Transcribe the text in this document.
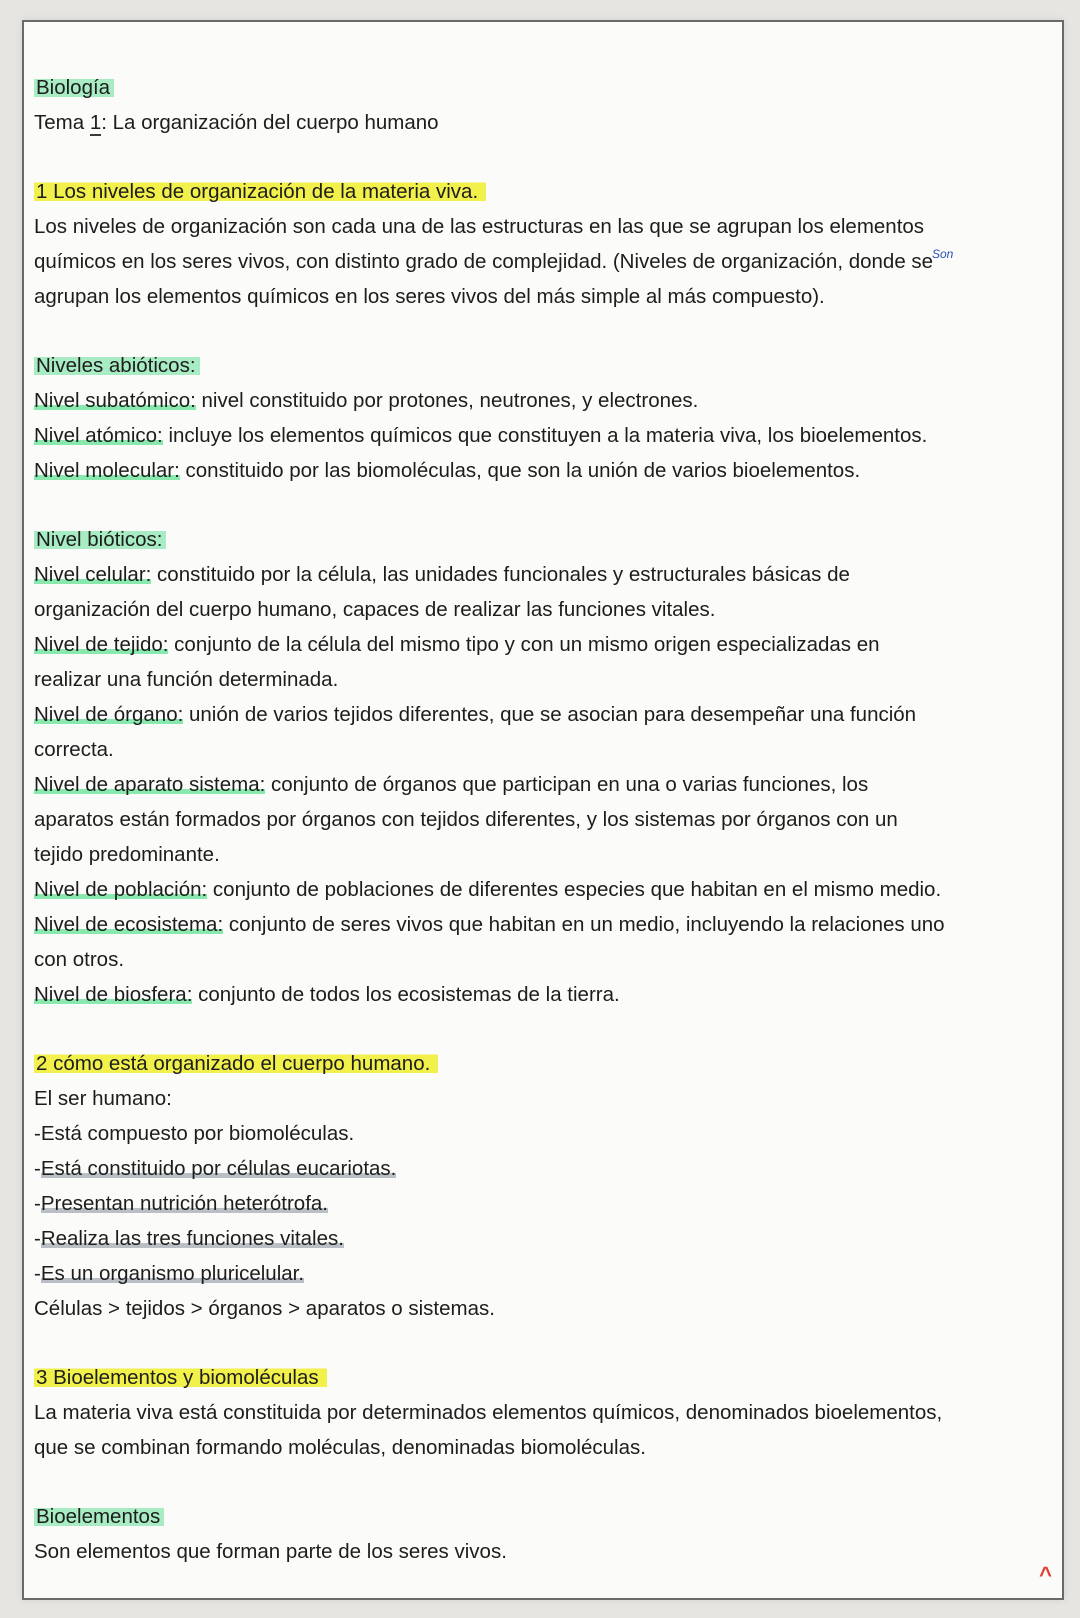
Son
Biología
Tema 1: La organización del cuerpo humano
1 Los niveles de organización de la materia viva.
Los niveles de organización son cada una de las estructuras en las que se agrupan los elementos
químicos en los seres vivos, con distinto grado de complejidad. (Niveles de organización, donde se
agrupan los elementos químicos en los seres vivos del más simple al más compuesto).
Niveles abióticos:
Nivel subatómico: nivel constituido por protones, neutrones, y electrones.
Nivel atómico: incluye los elementos químicos que constituyen a la materia viva, los bioelementos.
Nivel molecular: constituido por las biomoléculas, que son la unión de varios bioelementos.
Nivel bióticos:
Nivel celular: constituido por la célula, las unidades funcionales y estructurales básicas de
organización del cuerpo humano, capaces de realizar las funciones vitales.
Nivel de tejido: conjunto de la célula del mismo tipo y con un mismo origen especializadas en
realizar una función determinada.
Nivel de órgano: unión de varios tejidos diferentes, que se asocian para desempeñar una función
correcta.
Nivel de aparato sistema: conjunto de órganos que participan en una o varias funciones, los
aparatos están formados por órganos con tejidos diferentes, y los sistemas por órganos con un
tejido predominante.
Nivel de población: conjunto de poblaciones de diferentes especies que habitan en el mismo medio.
Nivel de ecosistema: conjunto de seres vivos que habitan en un medio, incluyendo la relaciones uno
con otros.
Nivel de biosfera: conjunto de todos los ecosistemas de la tierra.
2 cómo está organizado el cuerpo humano.
El ser humano:
-Está compuesto por biomoléculas.
-Está constituido por células eucariotas.
-Presentan nutrición heterótrofa.
-Realiza las tres funciones vitales.
-Es un organismo pluricelular.
Células > tejidos > órganos > aparatos o sistemas.
3 Bioelementos y biomoléculas
La materia viva está constituida por determinados elementos químicos, denominados bioelementos,
que se combinan formando moléculas, denominadas biomoléculas.
Bioelementos
Son elementos que forman parte de los seres vivos.
^
